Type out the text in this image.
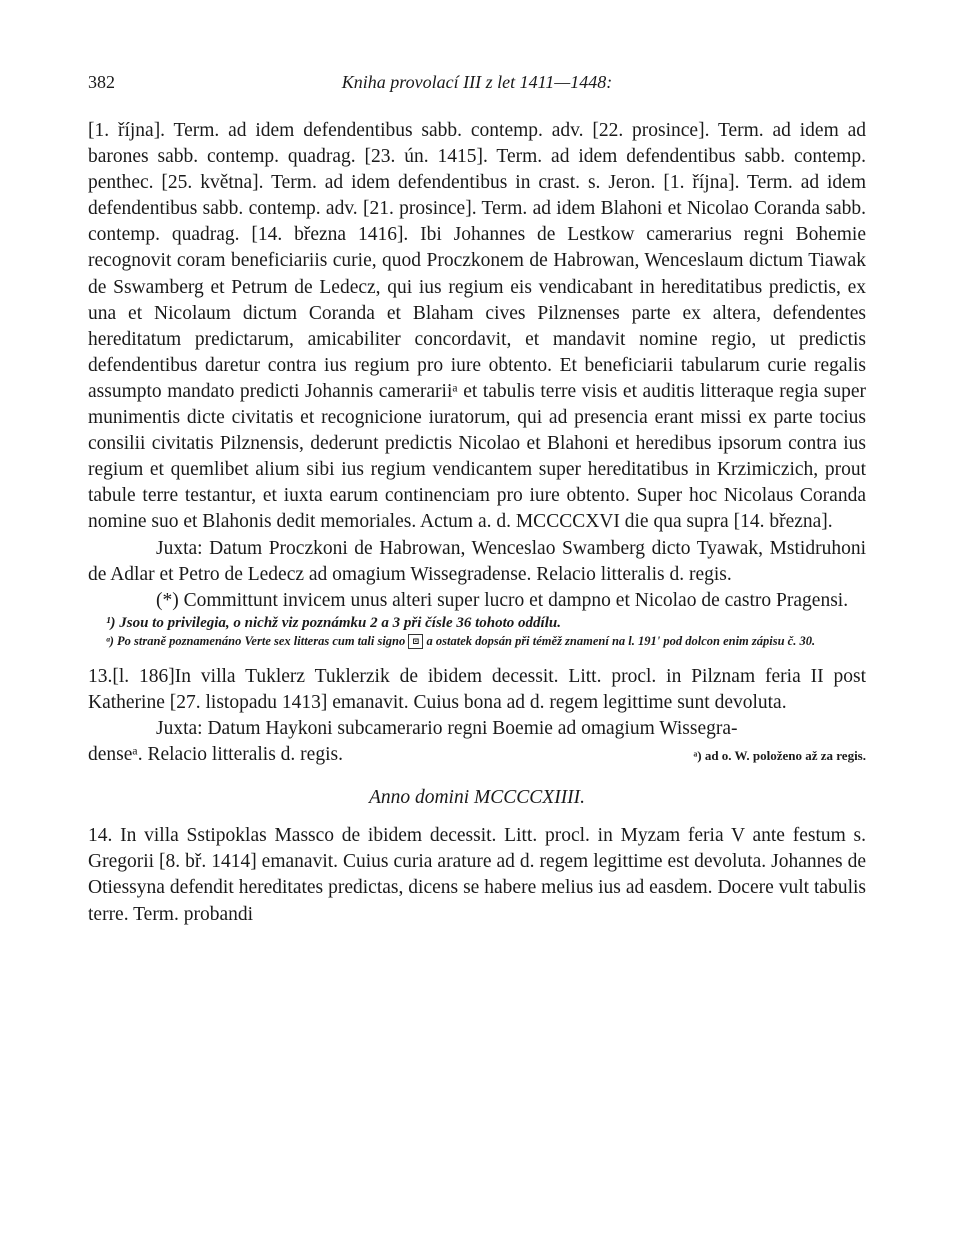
382	Kniha provolací III z let 1411—1448:

[1. října]. Term. ad idem defendentibus sabb. contemp. adv. [22. prosince]. Term. ad idem ad barones sabb. contemp. quadrag. [23. ún. 1415]. Term. ad idem defendentibus sabb. contemp. penthec. [25. května]. Term. ad idem defendentibus in crast. s. Jeron. [1. října]. Term. ad idem defendentibus sabb. contemp. adv. [21. prosince]. Term. ad idem Blahoni et Nicolao Coranda sabb. contemp. quadrag. [14. března 1416]. Ibi Johannes de Lestkow camerarius regni Bohemie recognovit coram beneficiariis curie, quod Proczkonem de Habrowan, Wenceslaum dictum Tiawak de Sswamberg et Petrum de Ledecz, qui ius regium eis vendicabant in hereditatibus predictis, ex una et Nicolaum dictum Coranda et Blaham cives Pilznenses parte ex altera, defendentes hereditatum predictarum, amicabiliter concordavit, et mandavit nomine regio, ut predictis defendentibus daretur contra ius regium pro iure obtento. Et beneficiarii tabularum curie regalis assumpto mandato predicti Johannis camerariiᵃ et tabulis terre visis et auditis litteraque regia super munimentis dicte civitatis et recognicione iuratorum, qui ad presencia erant missi ex parte tocius consilii civitatis Pilznensis, dederunt predictis Nicolao et Blahoni et heredibus ipsorum contra ius regium et quemlibet alium sibi ius regium vendicantem super hereditatibus in Krzimiczich, prout tabule terre testantur, et iuxta earum continenciam pro iure obtento. Super hoc Nicolaus Coranda nomine suo et Blahonis dedit memoriales. Actum a. d. MCCCCXVI die qua supra [14. března].

Juxta: Datum Proczkoni de Habrowan, Wenceslao Swamberg dicto Tyawak, Mstidruhoni de Adlar et Petro de Ledecz ad omagium Wissegradense. Relacio litteralis d. regis.

(*) Committunt invicem unus alteri super lucro et dampno et Nicolao de castro Pragensi.

¹) Jsou to privilegia, o nichž viz poznámku 2 a 3 při čísle 36 tohoto oddílu.

ᵃ) Po straně poznamenáno Verte sex litteras cum tali signo ⊡ a ostatek dopsán při téměž znamení na l. 191ʹ pod dolcon enim zápisu č. 30.

13.[l. 186]In villa Tuklerz Tuklerzik de ibidem decessit. Litt. procl. in Pilznam feria II post Katherine [27. listopadu 1413] emanavit. Cuius bona ad d. regem legittime sunt devoluta.

Juxta: Datum Haykoni subcamerario regni Boemie ad omagium Wissegra-

denseᵃ. Relacio litteralis d. regis.	ᵃ) ad o. W. položeno až za regis.

Anno domini MCCCCXIIII.

14. In villa Sstipoklas Massco de ibidem decessit. Litt. procl. in Myzam feria V ante festum s. Gregorii [8. bř. 1414] emanavit. Cuius curia arature ad d. regem legittime est devoluta. Johannes de Otiessyna defendit hereditates predictas, dicens se habere melius ius ad easdem. Docere vult tabulis terre. Term. probandi
